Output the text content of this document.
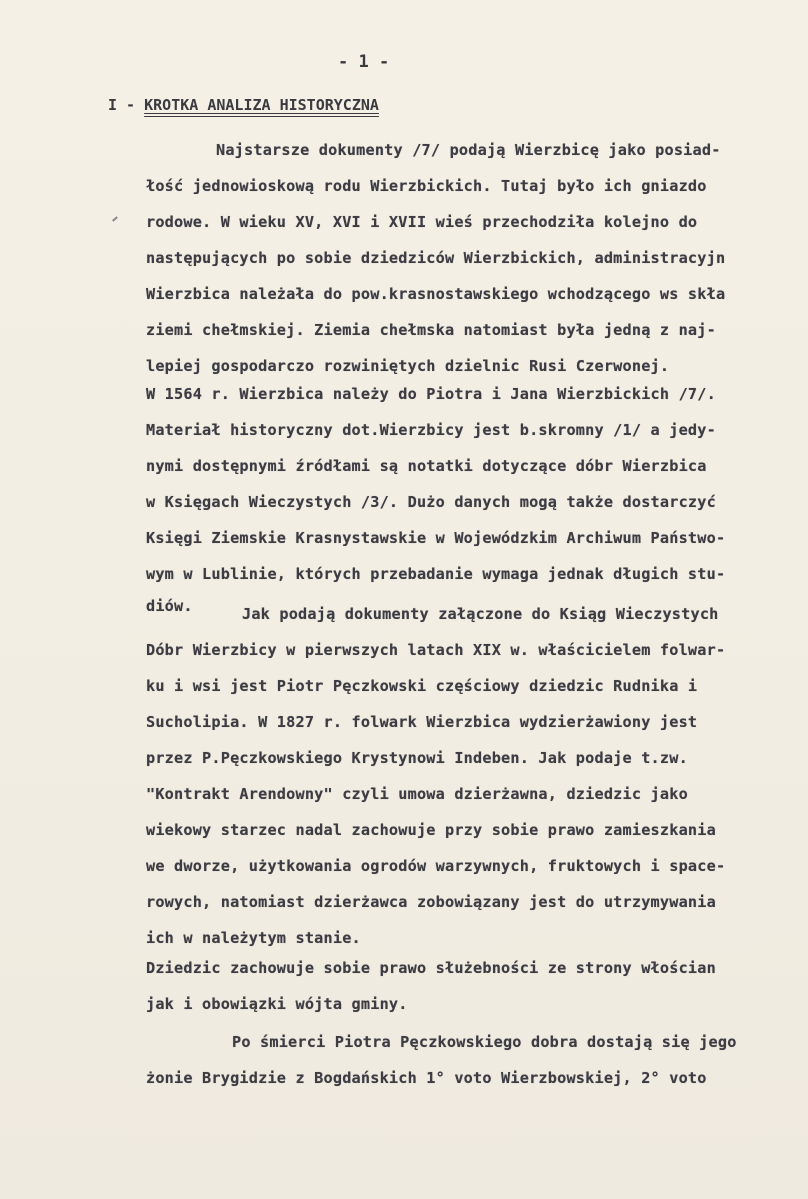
- 1 -
I - KROTKA ANALIZA HISTORYCZNA
Najstarsze dokumenty /7/ podają Wierzbicę jako posiad-
łość jednowioskową rodu Wierzbickich. Tutaj było ich gniazdo
rodowe. W wieku XV, XVI i XVII wieś przechodziła kolejno do
następujących po sobie dziedziców Wierzbickich, administracyjn
Wierzbica należała do pow.krasnostawskiego wchodzącego ws skła
ziemi chełmskiej. Ziemia chełmska natomiast była jedną z naj-
lepiej gospodarczo rozwiniętych dzielnic Rusi Czerwonej.
W 1564 r. Wierzbica należy do Piotra i Jana Wierzbickich /7/.
Materiał historyczny dot.Wierzbicy jest b.skromny /1/ a jedy-
nymi dostępnymi źródłami są notatki dotyczące dóbr Wierzbica
w Księgach Wieczystych /3/. Dużo danych mogą także dostarczyć
Księgi Ziemskie Krasnystawskie w Wojewódzkim Archiwum Państwo-
wym w Lublinie, których przebadanie wymaga jednak długich stu-
diów.	Jak podają dokumenty załączone do Ksiąg Wieczystych
Dóbr Wierzbicy w pierwszych latach XIX w. właścicielem folwar-
ku i wsi jest Piotr Pęczkowski częściowy dziedzic Rudnika i
Sucholipia. W 1827 r. folwark Wierzbica wydzierżawiony jest
przez P.Pęczkowskiego Krystynowi Indeben. Jak podaje t.zw.
"Kontrakt Arendowny" czyli umowa dzierżawna, dziedzic jako
wiekowy starzec nadal zachowuje przy sobie prawo zamieszkania
we dworze, użytkowania ogrodów warzywnych, fruktowych i space-
rowych, natomiast dzierżawca zobowiązany jest do utrzymywania
ich w należytym stanie.
Dziedzic zachowuje sobie prawo służebności ze strony włościan
jak i obowiązki wójta gminy.
Po śmierci Piotra Pęczkowskiego dobra dostają się jego
żonie Brygidzie z Bogdańskich 1° voto Wierzbowskiej, 2° voto
